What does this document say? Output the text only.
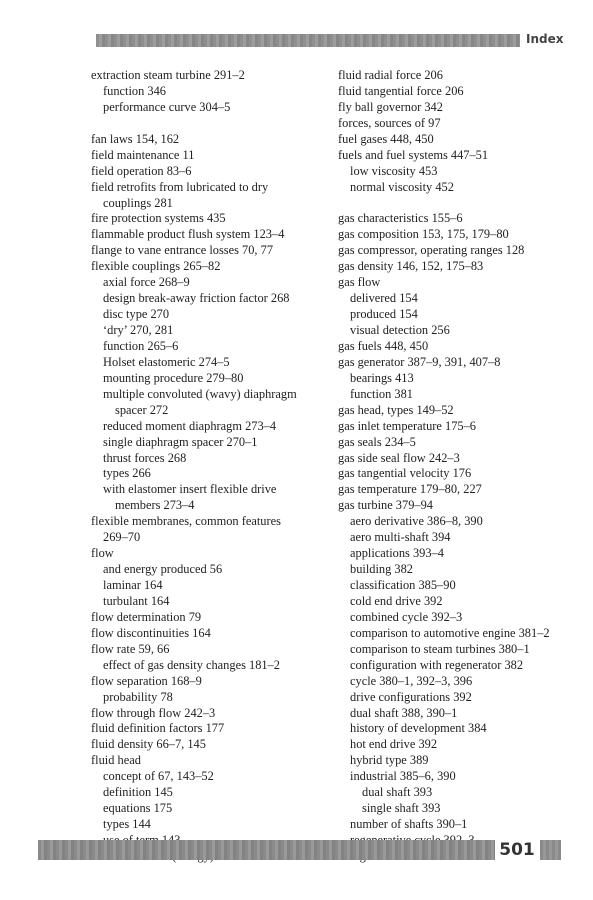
Index
extraction steam turbine 291–2
function 346
performance curve 304–5
fan laws 154, 162
field maintenance 11
field operation 83–6
field retrofits from lubricated to dry
couplings 281
fire protection systems 435
flammable product flush system 123–4
flange to vane entrance losses 70, 77
flexible couplings 265–82
axial force 268–9
design break-away friction factor 268
disc type 270
‘dry’ 270, 281
function 265–6
Holset elastomeric 274–5
mounting procedure 279–80
multiple convoluted (wavy) diaphragm
spacer 272
reduced moment diaphragm 273–4
single diaphragm spacer 270–1
thrust forces 268
types 266
with elastomer insert flexible drive
members 273–4
flexible membranes, common features
269–70
flow
and energy produced 56
laminar 164
turbulant 164
flow determination 79
flow discontinuities 164
flow rate 59, 66
effect of gas density changes 181–2
flow separation 168–9
probability 78
flow through flow 242–3
fluid definition factors 177
fluid density 66–7, 145
fluid head
concept of 67, 143–52
definition 145
equations 175
types 144
fluid radial force 206
fluid tangential force 206
fly ball governor 342
forces, sources of 97
fuel gases 448, 450
fuels and fuel systems 447–51
low viscosity 453
normal viscosity 452
gas characteristics 155–6
gas composition 153, 175, 179–80
gas compressor, operating ranges 128
gas density 146, 152, 175–83
gas flow
delivered 154
produced 154
visual detection 256
gas fuels 448, 450
gas generator 387–9, 391, 407–8
bearings 413
function 381
gas head, types 149–52
gas inlet temperature 175–6
gas seals 234–5
gas side seal flow 242–3
gas tangential velocity 176
gas temperature 179–80, 227
gas turbine 379–94
aero derivative 386–8, 390
aero multi-shaft 394
applications 393–4
building 382
classification 385–90
cold end drive 392
combined cycle 392–3
comparison to automotive engine 381–2
comparison to steam turbines 380–1
configuration with regenerator 382
cycle 380–1, 392–3, 396
drive configurations 392
dual shaft 388, 390–1
history of development 384
hot end drive 392
hybrid type 389
industrial 385–6, 390
dual shaft 393
single shaft 393
number of shafts 390–1
501
